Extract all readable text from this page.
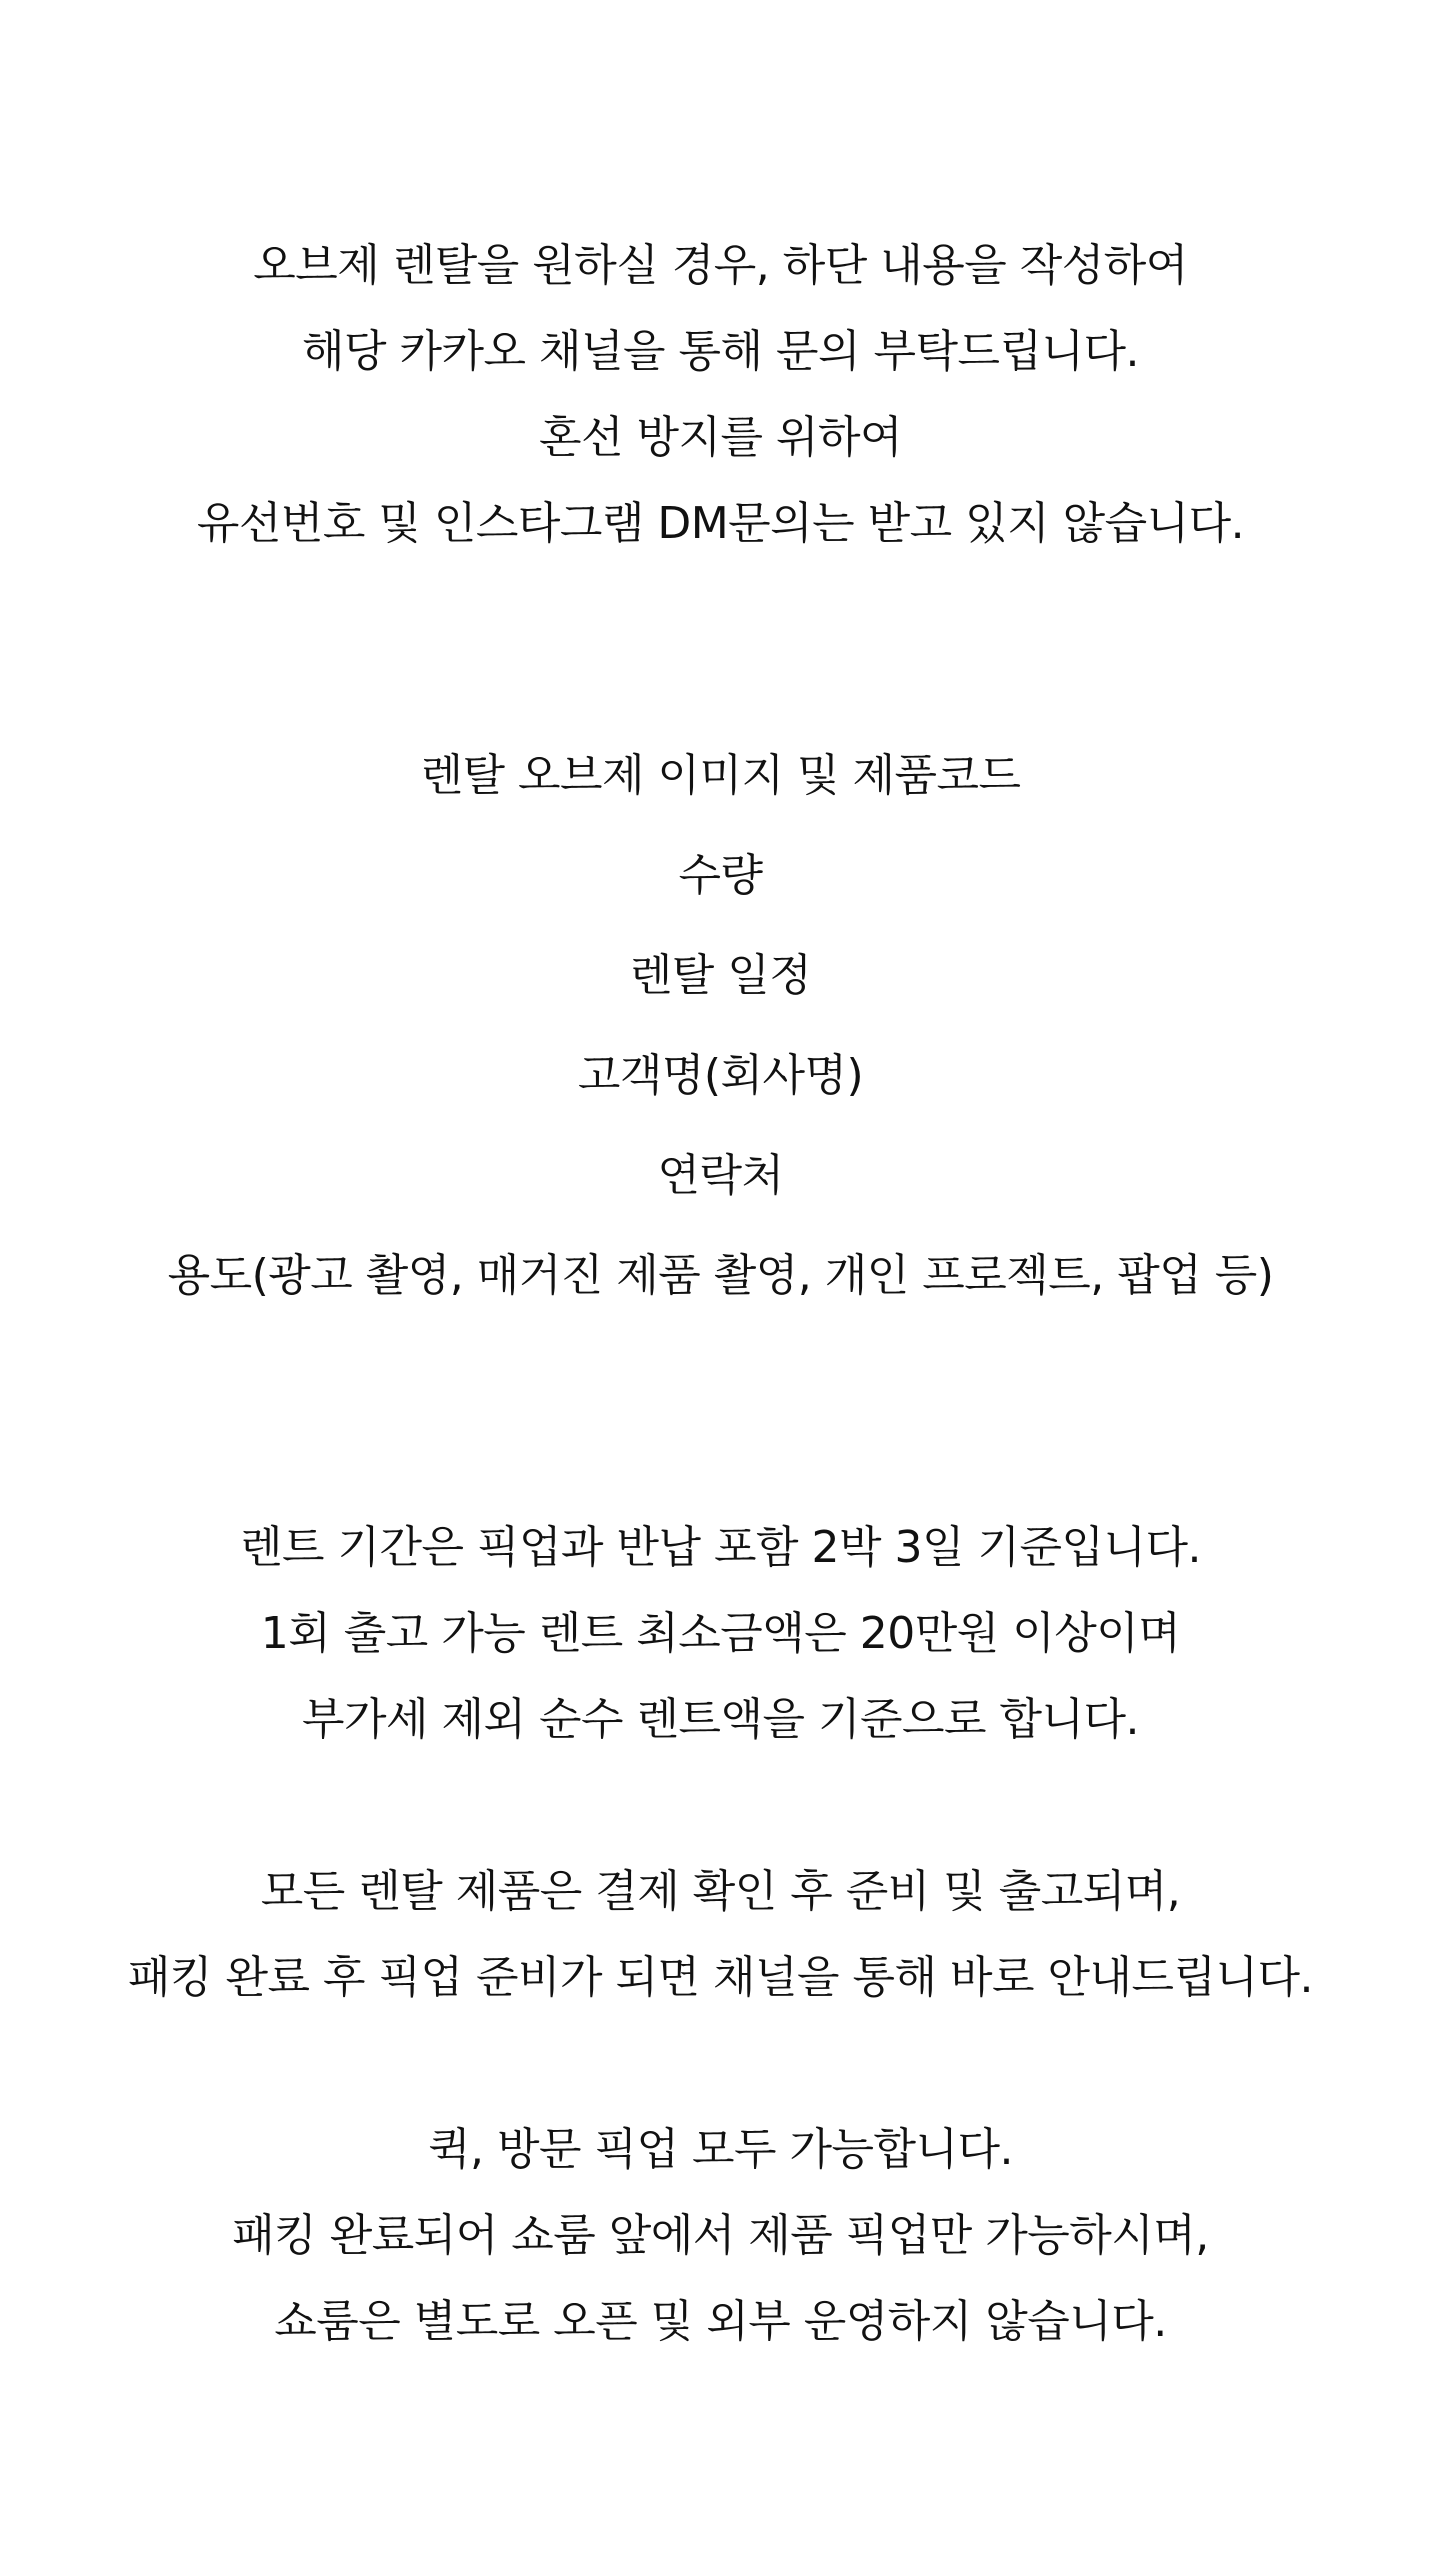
오브제 렌탈을 원하실 경우, 하단 내용을 작성하여
해당 카카오 채널을 통해 문의 부탁드립니다.
혼선 방지를 위하여
유선번호 및 인스타그램 DM문의는 받고 있지 않습니다.
렌탈 오브제 이미지 및 제품코드
수량
렌탈 일정
고객명(회사명)
연락처
용도(광고 촬영, 매거진 제품 촬영, 개인 프로젝트, 팝업 등)
렌트 기간은 픽업과 반납 포함 2박 3일 기준입니다.
1회 출고 가능 렌트 최소금액은 20만원 이상이며
부가세 제외 순수 렌트액을 기준으로 합니다.
모든 렌탈 제품은 결제 확인 후 준비 및 출고되며,
패킹 완료 후 픽업 준비가 되면 채널을 통해 바로 안내드립니다.
퀵, 방문 픽업 모두 가능합니다.
패킹 완료되어 쇼룸 앞에서 제품 픽업만 가능하시며,
쇼룸은 별도로 오픈 및 외부 운영하지 않습니다.
